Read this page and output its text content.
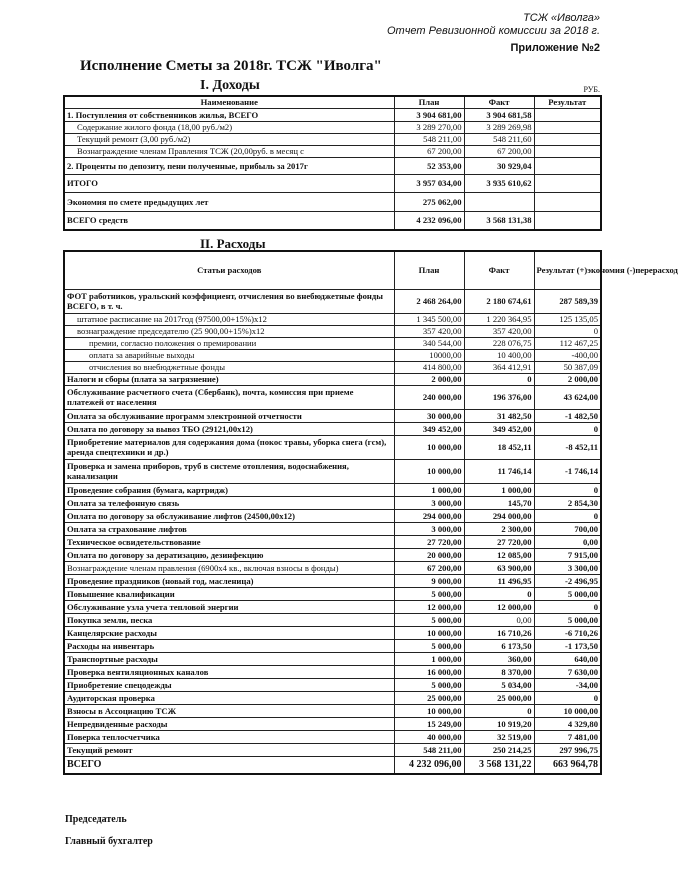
ТСЖ «Иволга»
Отчет Ревизионной комиссии за 2018 г.
Приложение №2
Исполнение Сметы за 2018г. ТСЖ "Иволга"
I. Доходы	РУБ.
Наименование	План	Факт	Результат
1. Поступления от собственников жилья, ВСЕГО	3 904 681,00	3 904 681,58	
Содержание жилого фонда (18,00 руб./м2)	3 289 270,00	3 289 269,98	
Текущий ремонт (3,00 руб./м2)	548 211,00	548 211,60	
Вознаграждение членам Правления ТСЖ (20,00руб. в месяц с	67 200,00	67 200,00	
2. Проценты по депозиту, пени полученные, прибыль за 2017г	52 353,00	30 929,04	
ИТОГО	3 957 034,00	3 935 610,62	
Экономия по смете предыдущих лет	275 062,00		
ВСЕГО средств	4 232 096,00	3 568 131,38	
II. Расходы
Статьи расходов	План	Факт	Результат (+)экономия (-)перерасход
ФОТ работников, уральский коэффициент, отчисления во внебюджетные фонды ВСЕГО, в т. ч.	2 468 264,00	2 180 674,61	287 589,39
штатное расписание на 2017год (97500,00+15%)х12	1 345 500,00	1 220 364,95	125 135,05
вознаграждение председателю (25 900,00+15%)х12	357 420,00	357 420,00	0
премии, согласно положения о премировании	340 544,00	228 076,75	112 467,25
оплата за аварийные выходы	10000,00	10 400,00	-400,00
отчисления во внебюджетные фонды	414 800,00	364 412,91	50 387,09
Налоги и сборы (плата за загрязнение)	2 000,00	0	2 000,00
Обслуживание расчетного счета (Сбербанк), почта, комиссия при приеме платежей от населения	240 000,00	196 376,00	43 624,00
Оплата за обслуживание программ электронной отчетности	30 000,00	31 482,50	-1 482,50
Оплата по договору за вывоз ТБО (29121,00х12)	349 452,00	349 452,00	0
Приобретение материалов для содержания дома (покос травы, уборка снега (гсм), аренда спецтехники и др.)	10 000,00	18 452,11	-8 452,11
Проверка и замена приборов, труб в системе отопления, водоснабжения, канализации	10 000,00	11 746,14	-1 746,14
Проведение собрания (бумага, картридж)	1 000,00	1 000,00	0
Оплата за телефонную связь	3 000,00	145,70	2 854,30
Оплата по договору за обслуживание лифтов (24500,00х12)	294 000,00	294 000,00	0
Оплата за страхование лифтов	3 000,00	2 300,00	700,00
Техническое освидетельствование	27 720,00	27 720,00	0,00
Оплата по договору за дератизацию, дезинфекцию	20 000,00	12 085,00	7 915,00
Вознаграждение членам правления (6900х4 кв., включая взносы в фонды)	67 200,00	63 900,00	3 300,00
Проведение праздников (новый год, масленица)	9 000,00	11 496,95	-2 496,95
Повышение квалификации	5 000,00	0	5 000,00
Обслуживание узла учета тепловой энергии	12 000,00	12 000,00	0
Покупка земли, песка	5 000,00	0,00	5 000,00
Канцелярские расходы	10 000,00	16 710,26	-6 710,26
Расходы на инвентарь	5 000,00	6 173,50	-1 173,50
Транспортные расходы	1 000,00	360,00	640,00
Проверка вентиляционных каналов	16 000,00	8 370,00	7 630,00
Приобретение спецодежды	5 000,00	5 034,00	-34,00
Аудиторская проверка	25 000,00	25 000,00	0
Взносы в Ассоциацию ТСЖ	10 000,00	0	10 000,00
Непредвиденные расходы	15 249,00	10 919,20	4 329,80
Поверка теплосчетчика	40 000,00	32 519,00	7 481,00
Текущий ремонт	548 211,00	250 214,25	297 996,75
ВСЕГО	4 232 096,00	3 568 131,22	663 964,78
Председатель
Главный бухгалтер
